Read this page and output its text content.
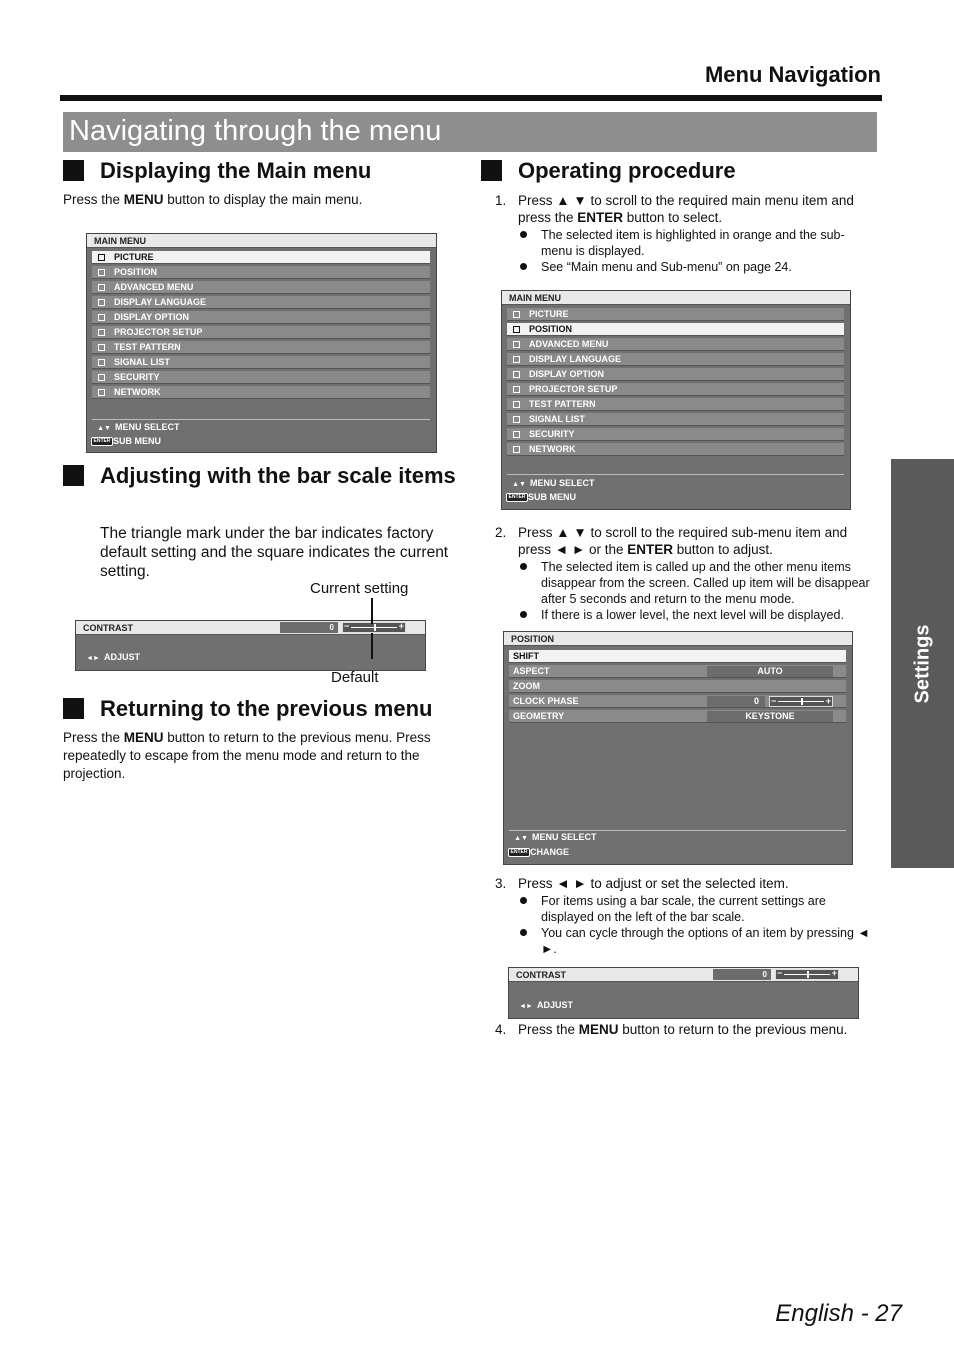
Menu Navigation
Navigating through the menu
Settings
Displaying the Main menu
Press the MENU button to display the main menu.
MAIN MENU
PICTURE
POSITION
ADVANCED MENU
DISPLAY LANGUAGE
DISPLAY OPTION
PROJECTOR SETUP
TEST PATTERN
SIGNAL LIST
SECURITY
NETWORK
▲▼ MENU SELECT
ENTER SUB MENU
Adjusting with the bar scale items
The triangle mark under the bar indicates factory default setting and the square indicates the current setting.
Current setting
CONTRAST	0	−	+
◄► ADJUST
Default
Returning to the previous menu
Press the MENU button to return to the previous menu. Press repeatedly to escape from the menu mode and return to the projection.
Operating procedure
1. Press ▲ ▼ to scroll to the required main menu item and press the ENTER button to select.
The selected item is highlighted in orange and the sub-menu is displayed.
See “Main menu and Sub-menu” on page 24.
MAIN MENU
PICTURE
POSITION
ADVANCED MENU
DISPLAY LANGUAGE
DISPLAY OPTION
PROJECTOR SETUP
TEST PATTERN
SIGNAL LIST
SECURITY
NETWORK
▲▼ MENU SELECT
ENTER SUB MENU
2. Press ▲ ▼ to scroll to the required sub-menu item and press ◄ ► or the ENTER button to adjust.
The selected item is called up and the other menu items disappear from the screen. Called up item will be disappear after 5 seconds and return to the menu mode.
If there is a lower level, the next level will be displayed.
POSITION
SHIFT
ASPECT	AUTO
ZOOM
CLOCK PHASE	0	−	+
GEOMETRY	KEYSTONE
▲▼ MENU SELECT
ENTER CHANGE
3. Press ◄ ► to adjust or set the selected item.
For items using a bar scale, the current settings are displayed on the left of the bar scale.
You can cycle through the options of an item by pressing ◄ ►.
CONTRAST	0	−	+
◄► ADJUST
4. Press the MENU button to return to the previous menu.
English - 27
